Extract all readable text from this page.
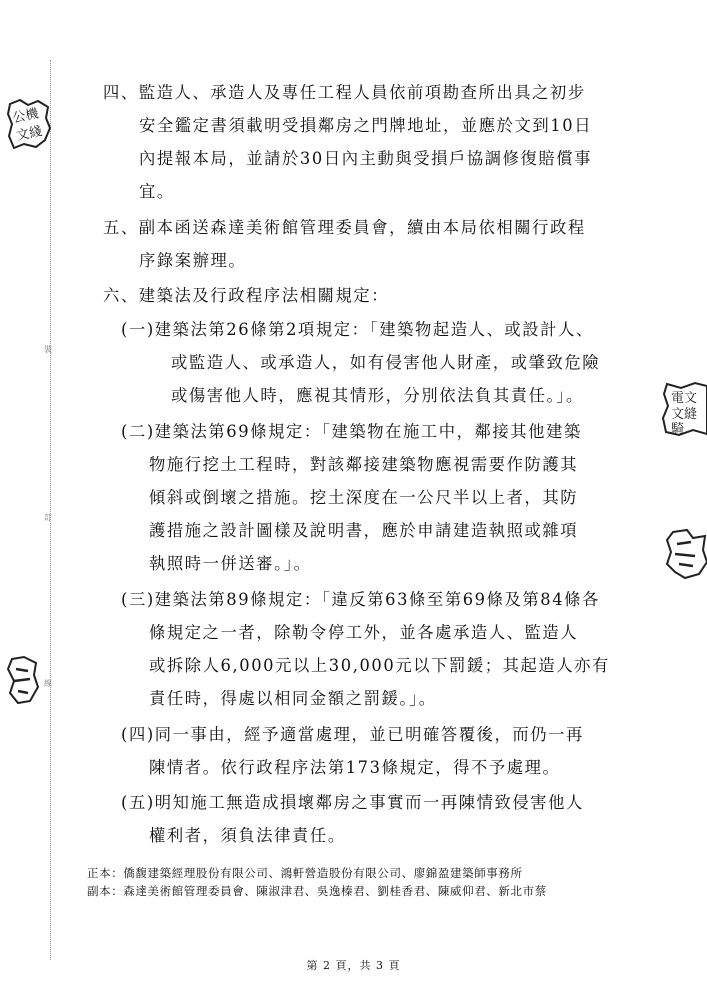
裝
訂
線
公機
文綫
電文
文縫
騎
四、監造人、承造人及專任工程人員依前項勘查所出具之初步
安全鑑定書須載明受損鄰房之門牌地址，並應於文到10日
內提報本局，並請於30日內主動與受損戶協調修復賠償事
宜。
五、副本函送森達美術館管理委員會，續由本局依相關行政程
序錄案辦理。
六、建築法及行政程序法相關規定：
(一)建築法第26條第2項規定：「建築物起造人、或設計人、
或監造人、或承造人，如有侵害他人財產，或肇致危險
或傷害他人時，應視其情形，分別依法負其責任。」。
(二)建築法第69條規定：「建築物在施工中，鄰接其他建築
物施行挖土工程時，對該鄰接建築物應視需要作防護其
傾斜或倒壞之措施。挖土深度在一公尺半以上者，其防
護措施之設計圖樣及說明書，應於申請建造執照或雜項
執照時一併送審。」。
(三)建築法第89條規定：「違反第63條至第69條及第84條各
條規定之一者，除勒令停工外，並各處承造人、監造人
或拆除人6,000元以上30,000元以下罰鍰；其起造人亦有
責任時，得處以相同金額之罰鍰。」。
(四)同一事由，經予適當處理，並已明確答覆後，而仍一再
陳情者。依行政程序法第173條規定，得不予處理。
(五)明知施工無造成損壞鄰房之事實而一再陳情致侵害他人
權利者，須負法律責任。
正本：僑馥建築經理股份有限公司、鴻軒營造股份有限公司、廖錦盈建築師事務所
副本：森達美術館管理委員會、陳淑津君、吳逸榛君、劉桂香君、陳威仰君、新北市蔡
第 2 頁，共 3 頁
